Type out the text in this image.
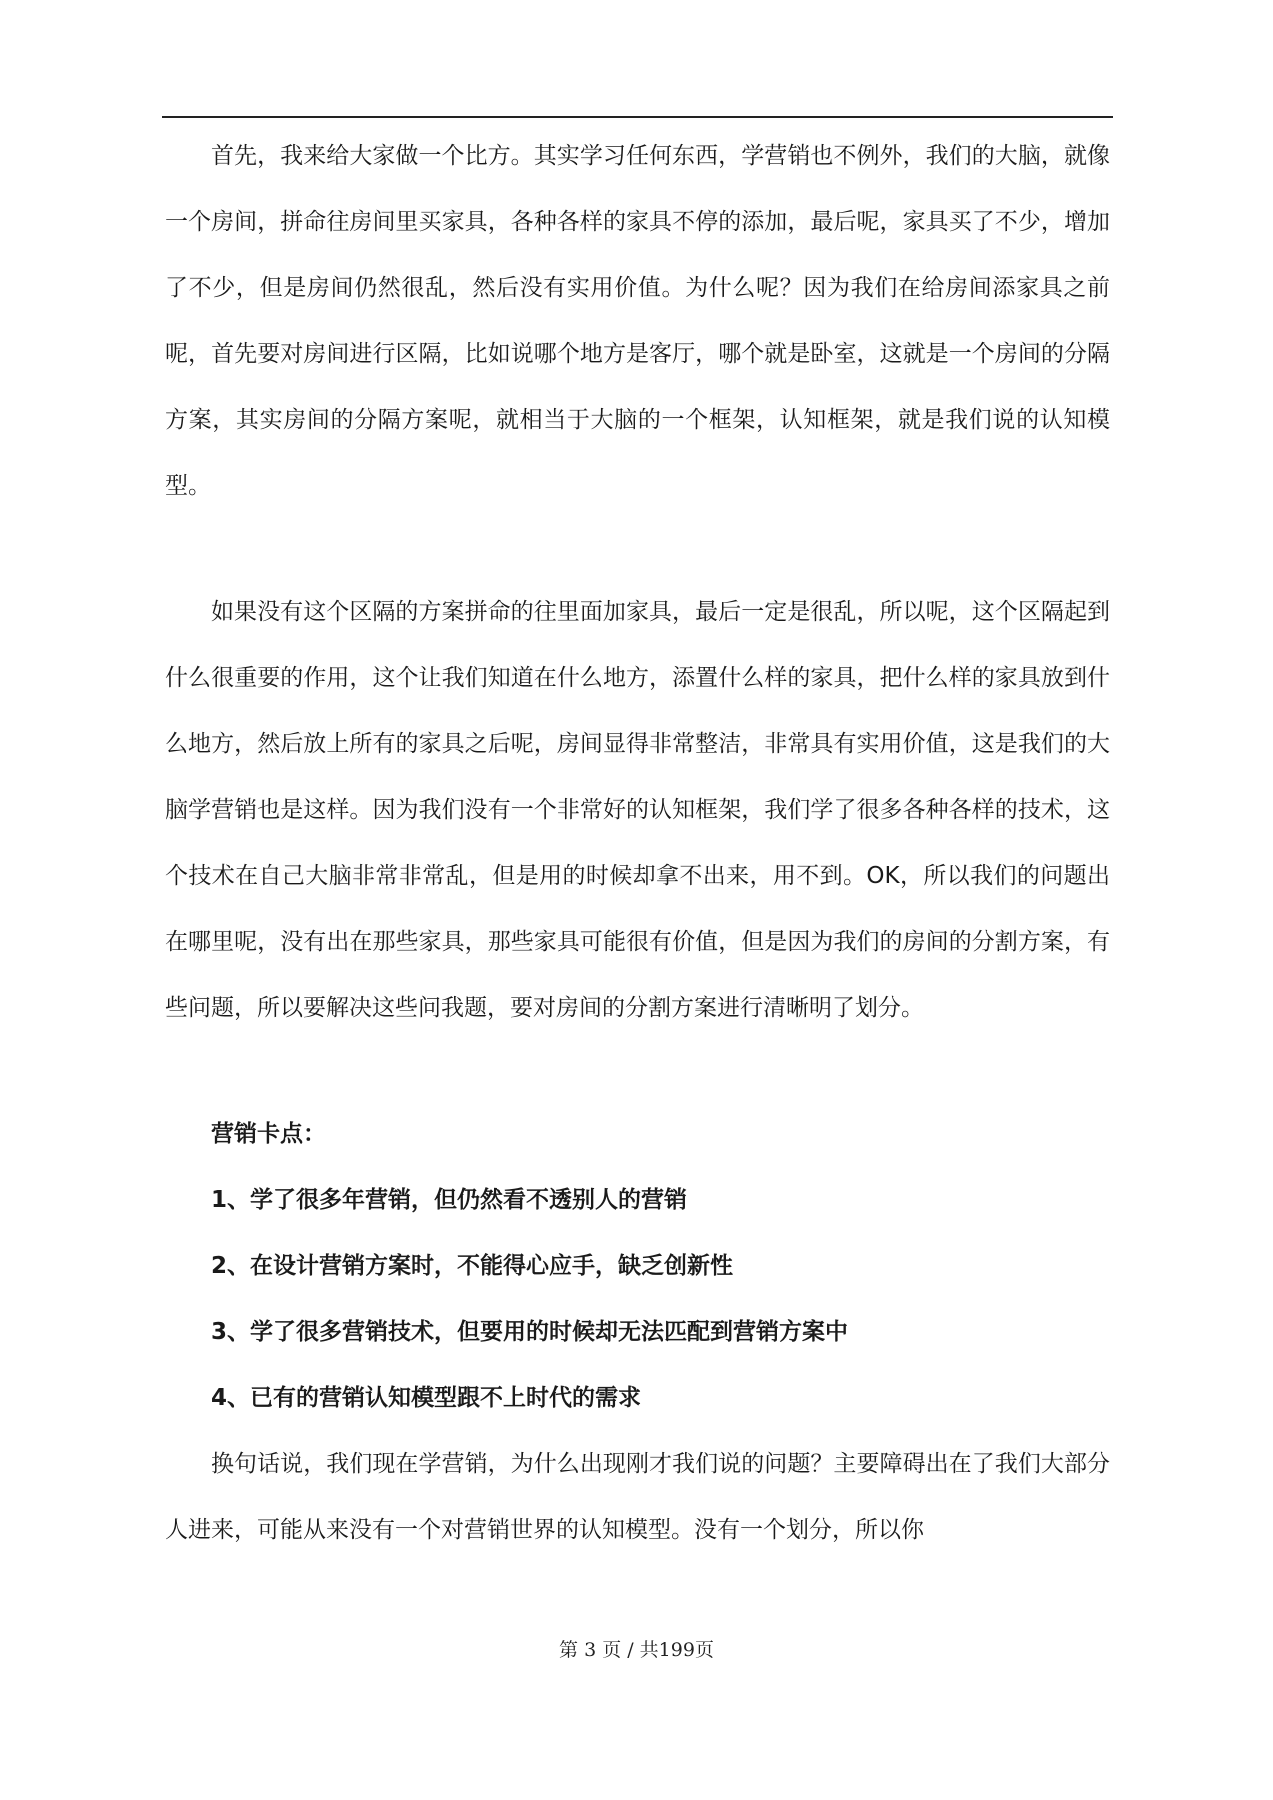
首先，我来给大家做一个比方。其实学习任何东西，学营销也不例外，我们的大脑，就像一个房间，拼命往房间里买家具，各种各样的家具不停的添加，最后呢，家具买了不少，增加了不少，但是房间仍然很乱，然后没有实用价值。为什么呢？因为我们在给房间添家具之前呢，首先要对房间进行区隔，比如说哪个地方是客厅，哪个就是卧室，这就是一个房间的分隔方案，其实房间的分隔方案呢，就相当于大脑的一个框架，认知框架，就是我们说的认知模型。

如果没有这个区隔的方案拼命的往里面加家具，最后一定是很乱，所以呢，这个区隔起到什么很重要的作用，这个让我们知道在什么地方，添置什么样的家具，把什么样的家具放到什么地方，然后放上所有的家具之后呢，房间显得非常整洁，非常具有实用价值，这是我们的大脑学营销也是这样。因为我们没有一个非常好的认知框架，我们学了很多各种各样的技术，这个技术在自己大脑非常非常乱，但是用的时候却拿不出来，用不到。OK，所以我们的问题出在哪里呢，没有出在那些家具，那些家具可能很有价值，但是因为我们的房间的分割方案，有些问题，所以要解决这些问我题，要对房间的分割方案进行清晰明了划分。

营销卡点：

1、学了很多年营销，但仍然看不透别人的营销

2、在设计营销方案时，不能得心应手，缺乏创新性

3、学了很多营销技术，但要用的时候却无法匹配到营销方案中

4、已有的营销认知模型跟不上时代的需求

换句话说，我们现在学营销，为什么出现刚才我们说的问题？主要障碍出在了我们大部分人进来，可能从来没有一个对营销世界的认知模型。没有一个划分，所以你

第 3 页 / 共199页
